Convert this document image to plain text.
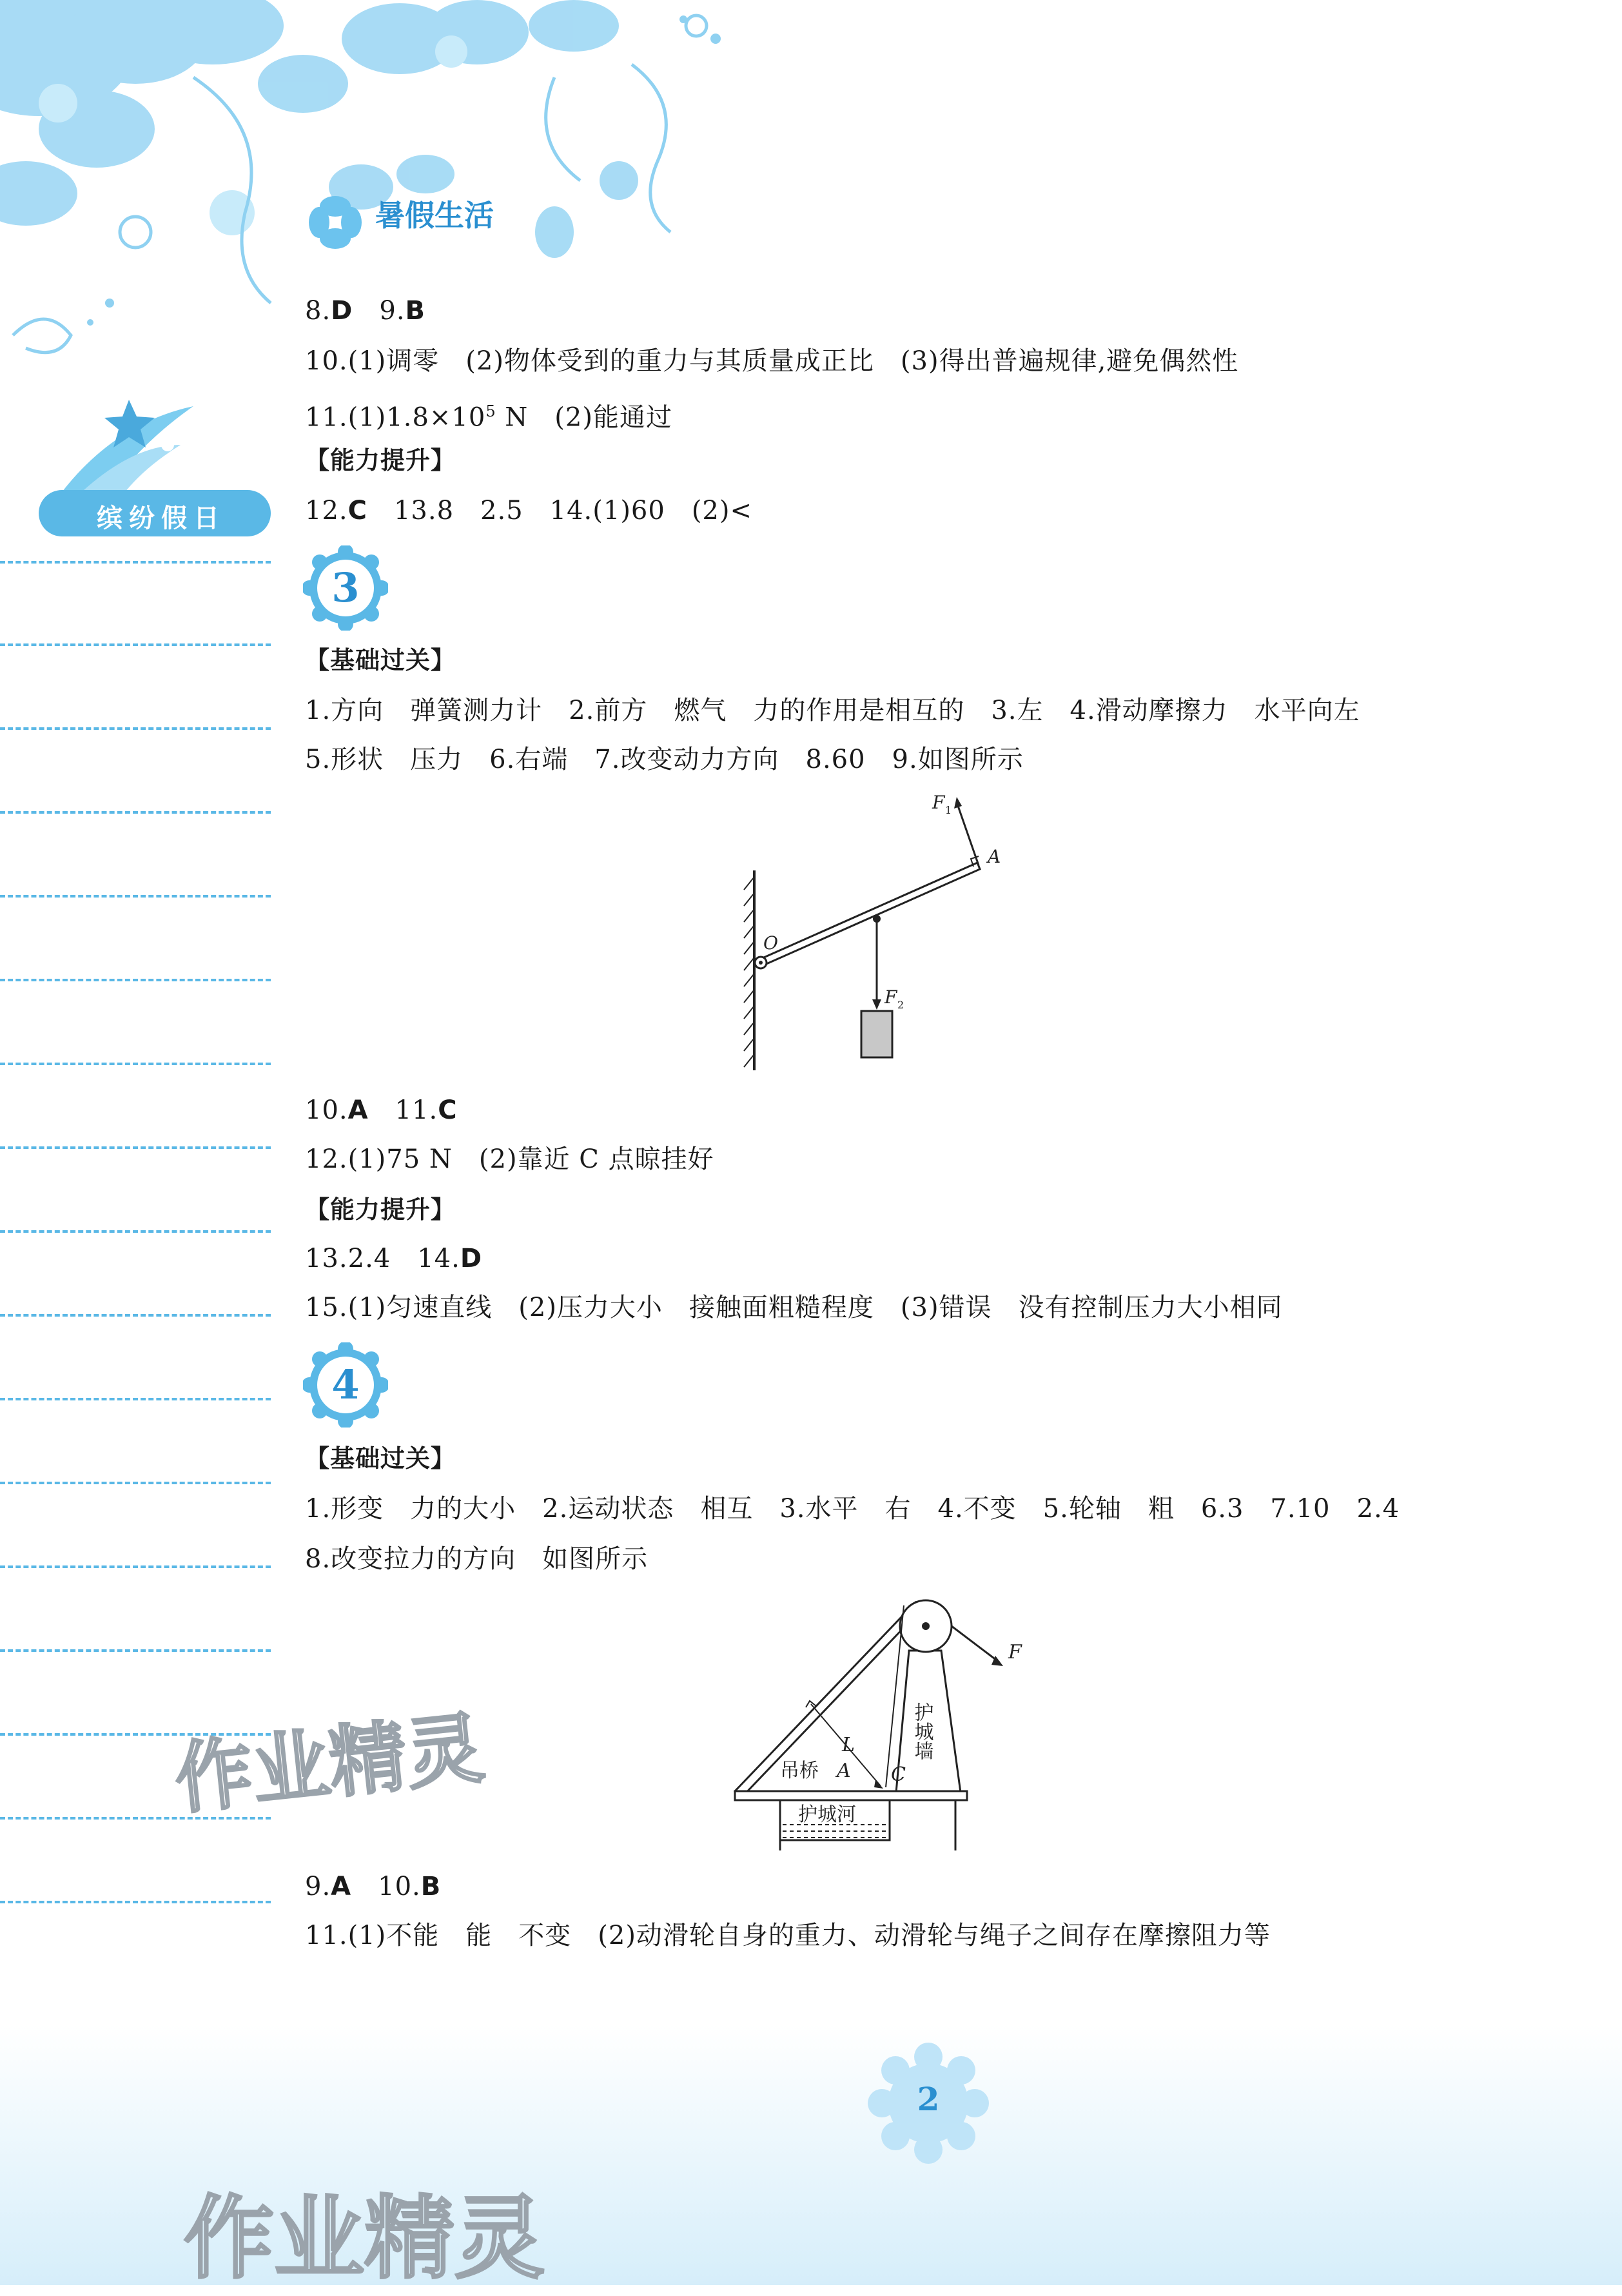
暑假生活
缤纷假日
8.D　9.B
10.(1)调零　(2)物体受到的重力与其质量成正比　(3)得出普遍规律,避免偶然性
$11.(1)1.8\times 10^5$ N　(2)能通过
【能力提升】
12.C　13.8　2.5　14.(1)60　(2)<
3
【基础过关】
1.方向　弹簧测力计　2.前方　燃气　力的作用是相互的　3.左　4.滑动摩擦力　水平向左
5.形状　压力　6.右端　7.改变动力方向　8.60　9.如图所示
F 1
A
O
F 2
10.A　11.C
12.(1)75 N　(2)靠近 C 点晾挂好
【能力提升】
13.2.4　14.D
15.(1)匀速直线　(2)压力大小　接触面粗糙程度　(3)错误　没有控制压力大小相同
4
【基础过关】
1.形变　力的大小　2.运动状态　相互　3.水平　右　4.不变　5.轮轴　粗　6.3　7.10　2.4
8.改变拉力的方向　如图所示
护城墙
吊桥 A C
L
F
护城河
9.A　10.B
11.(1)不能　能　不变　(2)动滑轮自身的重力、动滑轮与绳子之间存在摩擦阻力等
作业精灵
作业精灵
2
